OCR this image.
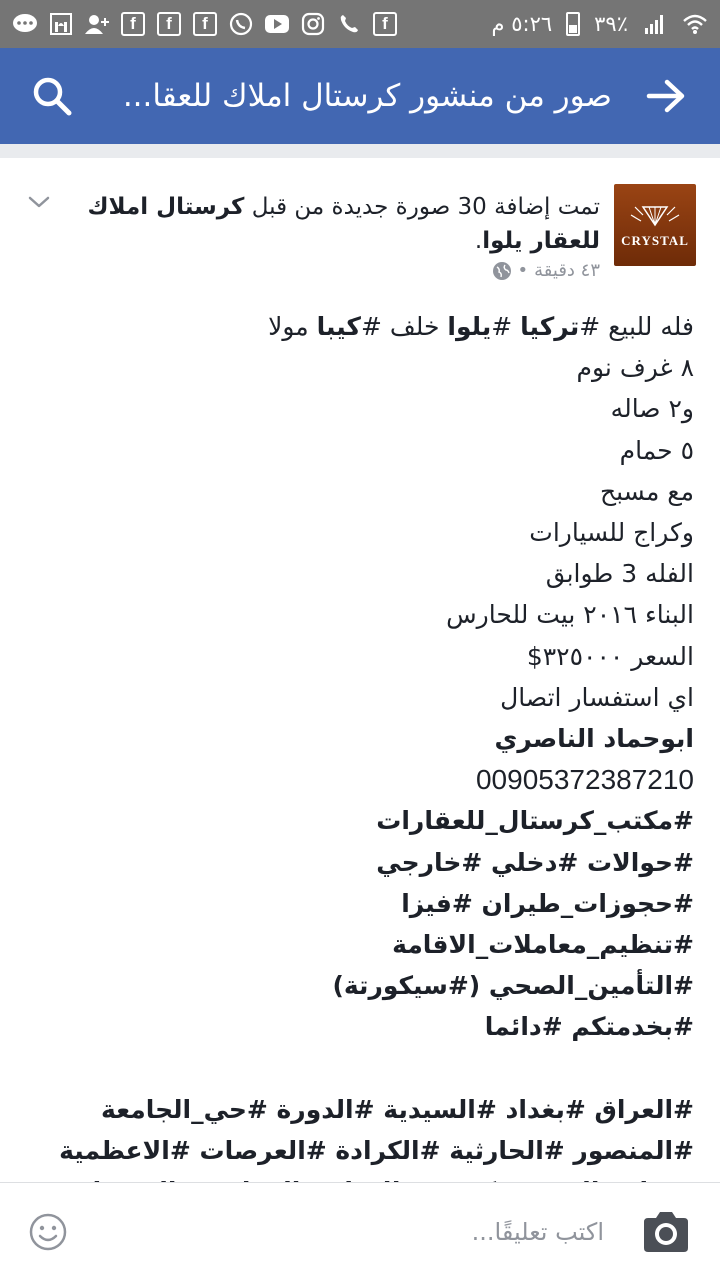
f	f	f	f	٪٣٩
٥:٢٦ م
صور من منشور كرستال املاك للعقا...
CRYSTAL
تمت إضافة 30 صورة جديدة من قبل كرستال املاك للعقار يلوا.
٤٣ دقيقة
•
فله للبيع #تركيا #يلوا خلف #كيبا مولا
٨ غرف نوم
و٢ صاله
٥ حمام
مع مسبح
وكراج للسيارات
الفله 3 طوابق
البناء ٢٠١٦ بيت للحارس
السعر ٣٢٥٠٠٠$
اي استفسار اتصال
ابوحماد الناصري
00905372387210
#مكتب_كرستال_للعقارات
#حوالات #دخلي #خارجي
#حجوزات_طيران #فيزا
#تنظيم_معاملات_الاقامة
#التأمين_الصحي (#سيكورتة)
#بخدمتكم #دائما
#العراق #بغداد #السيدية #الدورة #حي_الجامعة
#المنصور #الحارثية #الكرادة #العرصات #الاعظمية
اكتب تعليقًا...
